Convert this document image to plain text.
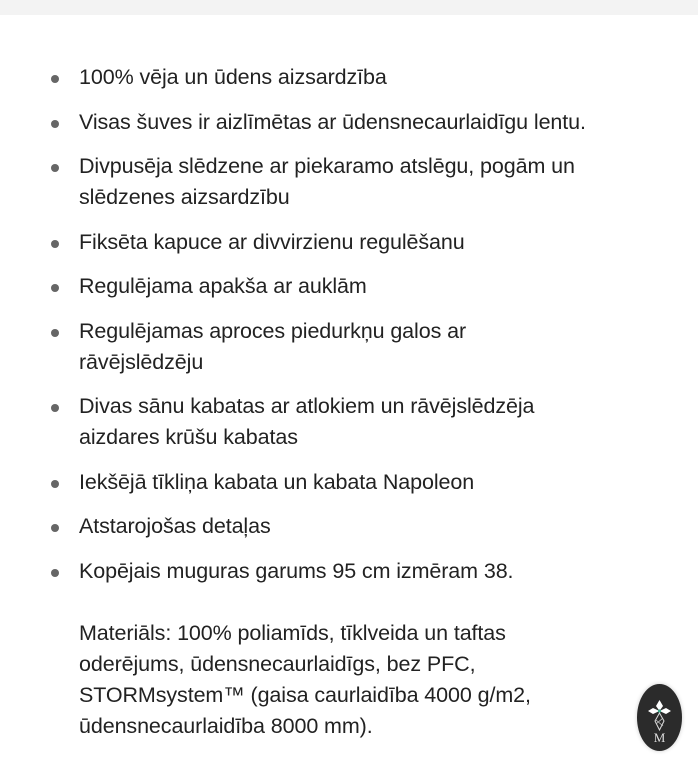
100% vēja un ūdens aizsardzība
Visas šuves ir aizlīmētas ar ūdensnecaurlaidīgu lentu.
Divpusēja slēdzene ar piekaramo atslēgu, pogām un
slēdzenes aizsardzību
Fiksēta kapuce ar divvirzienu regulēšanu
Regulējama apakša ar auklām
Regulējamas aproces piedurkņu galos ar
rāvējslēdzēju
Divas sānu kabatas ar atlokiem un rāvējslēdzēja
aizdares krūšu kabatas
Iekšējā tīkliņa kabata un kabata Napoleon
Atstarojošas detaļas
Kopējais muguras garums 95 cm izmēram 38.
Materiāls: 100% poliamīds, tīklveida un taftas
oderējums, ūdensnecaurlaidīgs, bez PFC,
STORMsystem™ (gaisa caurlaidība 4000 g/m2,
ūdensnecaurlaidība 8000 mm).	M
